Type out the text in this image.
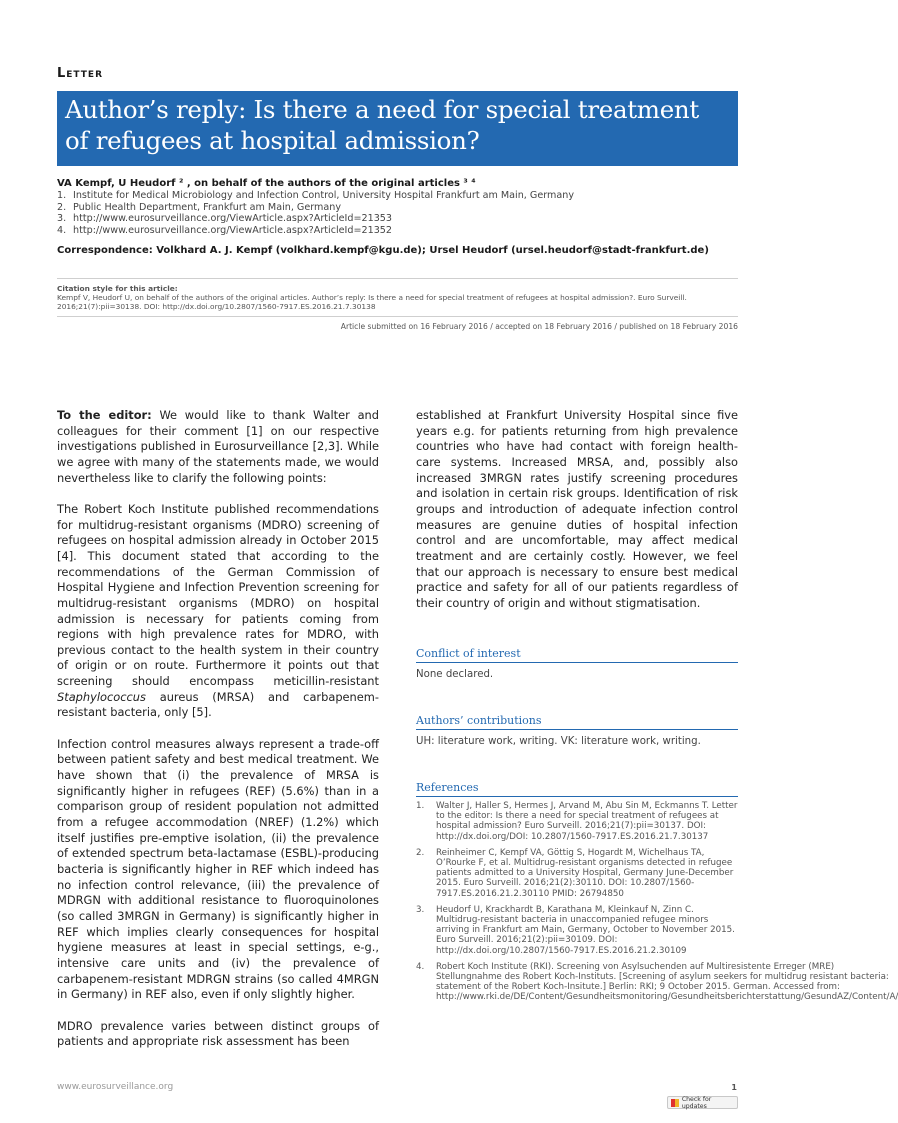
Letter
Author’s reply: Is there a need for special treatment of refugees at hospital admission?
VA Kempf, U Heudorf ² , on behalf of the authors of the original articles ³ ⁴
1. Institute for Medical Microbiology and Infection Control, University Hospital Frankfurt am Main, Germany
2. Public Health Department, Frankfurt am Main, Germany
3. http://www.eurosurveillance.org/ViewArticle.aspx?ArticleId=21353
4. http://www.eurosurveillance.org/ViewArticle.aspx?ArticleId=21352
Correspondence: Volkhard A. J. Kempf (volkhard.kempf@kgu.de); Ursel Heudorf (ursel.heudorf@stadt-frankfurt.de)
Citation style for this article:
Kempf V, Heudorf U, on behalf of the authors of the original articles. Author’s reply: Is there a need for special treatment of refugees at hospital admission?. Euro Surveill. 2016;21(7):pii=30138. DOI: http://dx.doi.org/10.2807/1560-7917.ES.2016.21.7.30138
Article submitted on 16 February 2016 / accepted on 18 February 2016 / published on 18 February 2016

To the editor: We would like to thank Walter and colleagues for their comment [1] on our respective investigations published in Eurosurveillance [2,3]. While we agree with many of the statements made, we would nevertheless like to clarify the following points:

The Robert Koch Institute published recommendations for multidrug-resistant organisms (MDRO) screening of refugees on hospital admission already in October 2015 [4]. This document stated that according to the recommendations of the German Commission of Hospital Hygiene and Infection Prevention screening for multidrug-resistant organisms (MDRO) on hospital admission is necessary for patients coming from regions with high prevalence rates for MDRO, with previous contact to the health system in their country of origin or on route. Furthermore it points out that screening should encompass meticillin-resistant Staphylococcus aureus (MRSA) and carbapenem-resistant bacteria, only [5].

Infection control measures always represent a trade-off between patient safety and best medical treatment. We have shown that (i) the prevalence of MRSA is significantly higher in refugees (REF) (5.6%) than in a comparison group of resident population not admitted from a refugee accommodation (NREF) (1.2%) which itself justifies pre-emptive isolation, (ii) the prevalence of extended spectrum beta-lactamase (ESBL)-producing bacteria is significantly higher in REF which indeed has no infection control relevance, (iii) the prevalence of MDRGN with additional resistance to fluoroquinolones (so called 3MRGN in Germany) is significantly higher in REF which implies clearly consequences for hospital hygiene measures at least in special settings, e-g., intensive care units and (iv) the prevalence of carbapenem-resistant MDRGN strains (so called 4MRGN in Germany) in REF also, even if only slightly higher.

MDRO prevalence varies between distinct groups of patients and appropriate risk assessment has been

established at Frankfurt University Hospital since five years e.g. for patients returning from high prevalence countries who have had contact with foreign health-care systems. Increased MRSA, and, possibly also increased 3MRGN rates justify screening procedures and isolation in certain risk groups. Identification of risk groups and introduction of adequate infection control measures are genuine duties of hospital infection control and are uncomfortable, may affect medical treatment and are certainly costly. However, we feel that our approach is necessary to ensure best medical practice and safety for all of our patients regardless of their country of origin and without stigmatisation.

Conflict of interest
None declared.
Authors’ contributions
UH: literature work, writing. VK: literature work, writing.
References
1.	Walter J, Haller S, Hermes J, Arvand M, Abu Sin M, Eckmanns T. Letter to the editor: Is there a need for special treatment of refugees at hospital admission? Euro Surveill. 2016;21(7):pii=30137. DOI: http://dx.doi.org/DOI: 10.2807/1560-7917.ES.2016.21.7.30137
2.	Reinheimer C, Kempf VA, Göttig S, Hogardt M, Wichelhaus TA, O’Rourke F, et al. Multidrug-resistant organisms detected in refugee patients admitted to a University Hospital, Germany June-December 2015. Euro Surveill. 2016;21(2):30110. DOI: 10.2807/1560-7917.ES.2016.21.2.30110 PMID: 26794850
3.	Heudorf U, Krackhardt B, Karathana M, Kleinkauf N, Zinn C. Multidrug-resistant bacteria in unaccompanied refugee minors arriving in Frankfurt am Main, Germany, October to November 2015. Euro Surveill. 2016;21(2):pii=30109. DOI: http://dx.doi.org/10.2807/1560-7917.ES.2016.21.2.30109
4.	Robert Koch Institute (RKI). Screening von Asylsuchenden auf Multiresistente Erreger (MRE) Stellungnahme des Robert Koch-Instituts. [Screening of asylum seekers for multidrug resistant bacteria: statement of the Robert Koch-Insitute.] Berlin: RKI; 9 October 2015. German. Accessed from: http://www.rki.de/DE/Content/Gesundheitsmonitoring/Gesundheitsberichterstattung/GesundAZ/Content/A/
www.eurosurveillance.org	1
Check for updates
